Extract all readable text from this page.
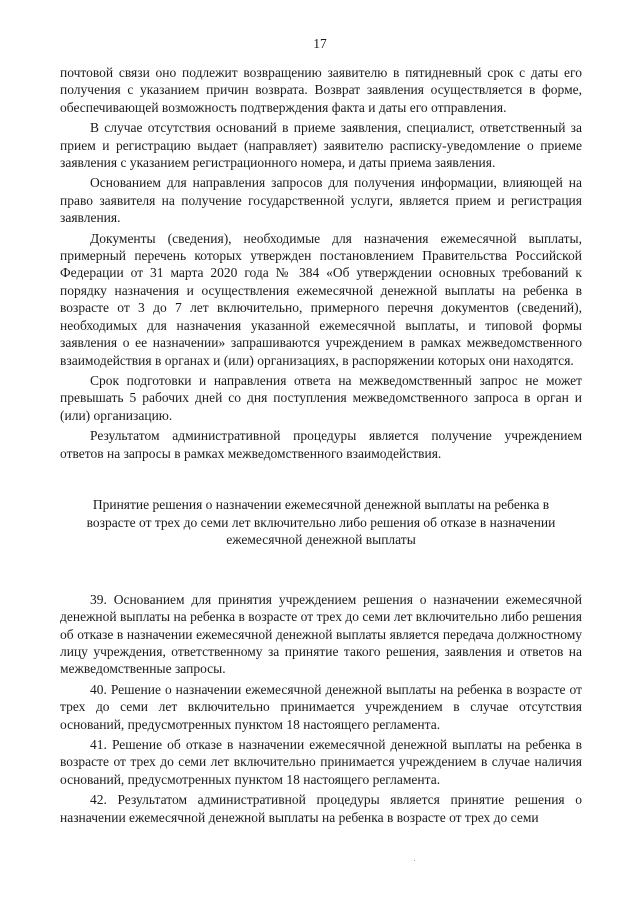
17

почтовой связи оно подлежит возвращению заявителю в пятидневный срок с даты его получения с указанием причин возврата. Возврат заявления осуществляется в форме, обеспечивающей возможность подтверждения факта и даты его отправления.

В случае отсутствия оснований в приеме заявления, специалист, ответственный за прием и регистрацию выдает (направляет) заявителю расписку-уведомление о приеме заявления с указанием регистрационного номера, и даты приема заявления.

Основанием для направления запросов для получения информации, влияющей на право заявителя на получение государственной услуги, является прием и регистрация заявления.

Документы (сведения), необходимые для назначения ежемесячной выплаты, примерный перечень которых утвержден постановлением Правительства Российской Федерации от 31 марта 2020 года № 384 «Об утверждении основных требований к порядку назначения и осуществления ежемесячной денежной выплаты на ребенка в возрасте от 3 до 7 лет включительно, примерного перечня документов (сведений), необходимых для назначения указанной ежемесячной выплаты, и типовой формы заявления о ее назначении» запрашиваются учреждением в рамках межведомственного взаимодействия в органах и (или) организациях, в распоряжении которых они находятся.

Срок подготовки и направления ответа на межведомственный запрос не может превышать 5 рабочих дней со дня поступления межведомственного запроса в орган и (или) организацию.

Результатом административной процедуры является получение учреждением ответов на запросы в рамках межведомственного взаимодействия.

Принятие решения о назначении ежемесячной денежной выплаты на ребенка в возрасте от трех до семи лет включительно либо решения об отказе в назначении ежемесячной денежной выплаты

39. Основанием для принятия учреждением решения о назначении ежемесячной денежной выплаты на ребенка в возрасте от трех до семи лет включительно либо решения об отказе в назначении ежемесячной денежной выплаты является передача должностному лицу учреждения, ответственному за принятие такого решения, заявления и ответов на межведомственные запросы.

40. Решение о назначении ежемесячной денежной выплаты на ребенка в возрасте от трех до семи лет включительно принимается учреждением в случае отсутствия оснований, предусмотренных пунктом 18 настоящего регламента.

41. Решение об отказе в назначении ежемесячной денежной выплаты на ребенка в возрасте от трех до семи лет включительно принимается учреждением в случае наличия оснований, предусмотренных пунктом 18 настоящего регламента.

42. Результатом административной процедуры является принятие решения о назначении ежемесячной денежной выплаты на ребенка в возрасте от трех до семи
